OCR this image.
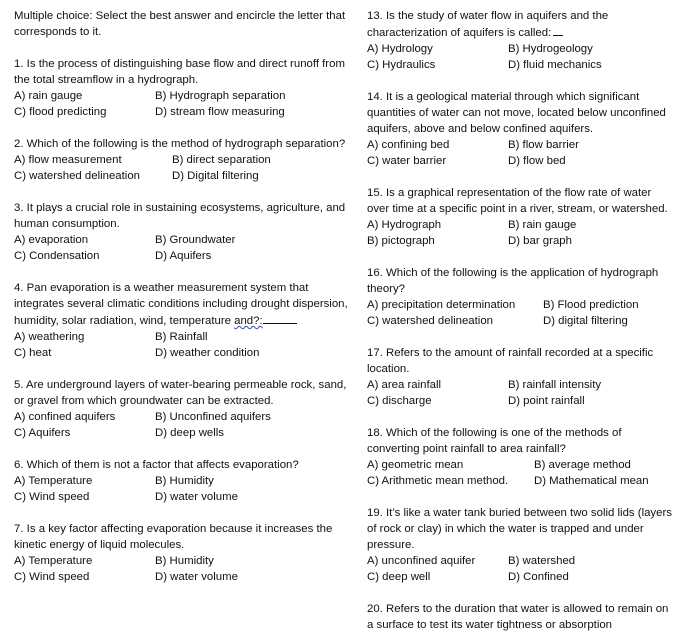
Multiple choice: Select the best answer and encircle the letter that corresponds to it.

1. Is the process of distinguishing base flow and direct runoff from the total streamflow in a hydrograph.

A) rain gauge	B) Hydrograph separation
C) flood predicting	D) stream flow measuring

2. Which of the following is the method of hydrograph separation?

A) flow measurement	B) direct separation
C) watershed delineation	D) Digital filtering

3. It plays a crucial role in sustaining ecosystems, agriculture, and human consumption.

A) evaporation	B) Groundwater
C) Condensation	D) Aquifers

4. Pan evaporation is a weather measurement system that integrates several climatic conditions including drought dispersion, humidity, solar radiation, wind, temperature and?:

A) weathering	B) Rainfall
C) heat	D) weather condition

5. Are underground layers of water-bearing permeable rock, sand, or gravel from which groundwater can be extracted.

A) confined aquifers	B) Unconfined aquifers
C) Aquifers	D) deep wells

6. Which of them is not a factor that affects evaporation?

A) Temperature	B) Humidity
C) Wind speed	D) water volume

7. Is a key factor affecting evaporation because it increases the kinetic energy of liquid molecules.

A) Temperature	B) Humidity
C) Wind speed	D) water volume

13. Is the study of water flow in aquifers and the characterization of aquifers is called:

A) Hydrology	B) Hydrogeology
C) Hydraulics	D) fluid mechanics

14. It is a geological material through which significant quantities of water can not move, located below unconfined aquifers, above and below confined aquifers.

A) confining bed	B) flow barrier
C) water barrier	D) flow bed

15. Is a graphical representation of the flow rate of water over time at a specific point in a river, stream, or watershed.

A) Hydrograph	B) rain gauge
B) pictograph	D) bar graph

16. Which of the following is the application of hydrograph theory?

A) precipitation determination B) Flood prediction
C) watershed delineation	D) digital filtering

17. Refers to the amount of rainfall recorded at a specific location.

A) area rainfall	B) rainfall intensity
C) discharge	D) point rainfall

18. Which of the following is one of the methods of converting point rainfall to area rainfall?

A) geometric mean	B) average method
C) Arithmetic mean method. D) Mathematical mean

19. It’s like a water tank buried between two solid lids (layers of rock or clay) in which the water is trapped and under pressure.

A) unconfined aquifer	B) watershed
C) deep well	D) Confined

20. Refers to the duration that water is allowed to remain on a surface to test its water tightness or absorption
